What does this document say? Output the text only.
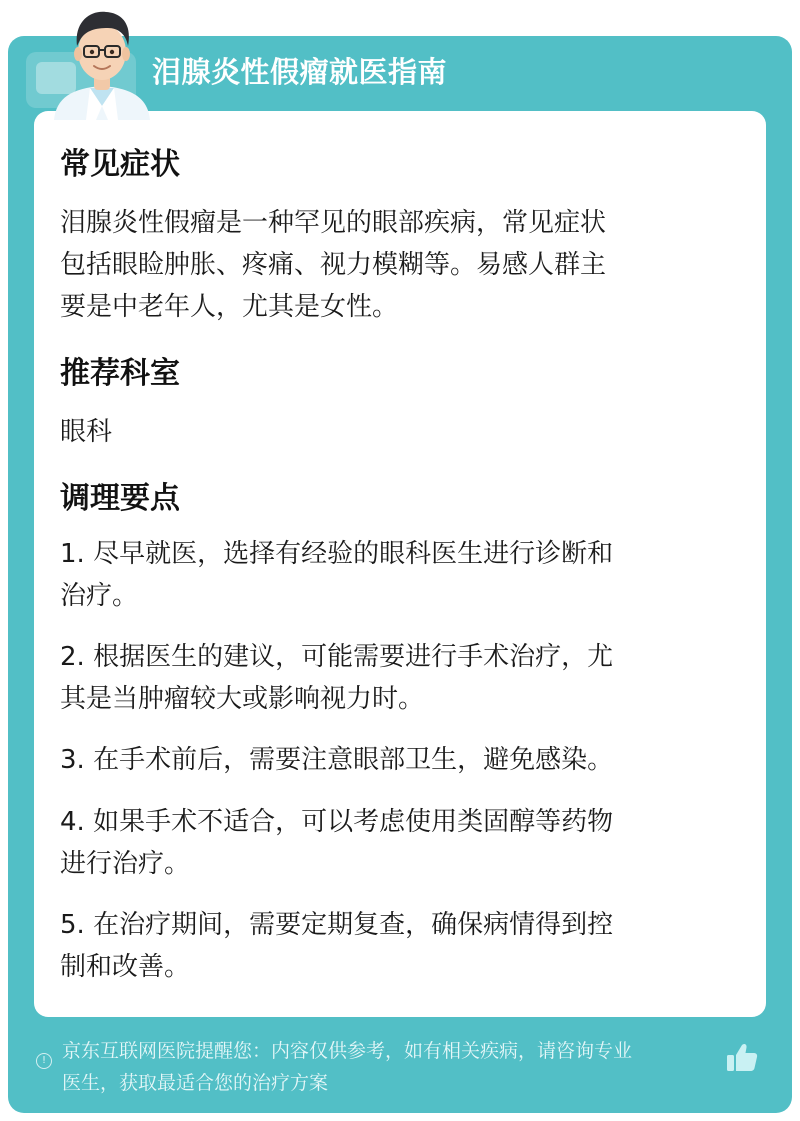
泪腺炎性假瘤就医指南
常见症状
泪腺炎性假瘤是一种罕见的眼部疾病，常见症状
包括眼睑肿胀、疼痛、视力模糊等。易感人群主
要是中老年人，尤其是女性。
推荐科室
眼科
调理要点
1. 尽早就医，选择有经验的眼科医生进行诊断和
治疗。
2. 根据医生的建议，可能需要进行手术治疗，尤
其是当肿瘤较大或影响视力时。
3. 在手术前后，需要注意眼部卫生，避免感染。
4. 如果手术不适合，可以考虑使用类固醇等药物
进行治疗。
5. 在治疗期间，需要定期复查，确保病情得到控
制和改善。
! 京东互联网医院提醒您：内容仅供参考，如有相关疾病，请咨询专业
医生，获取最适合您的治疗方案
